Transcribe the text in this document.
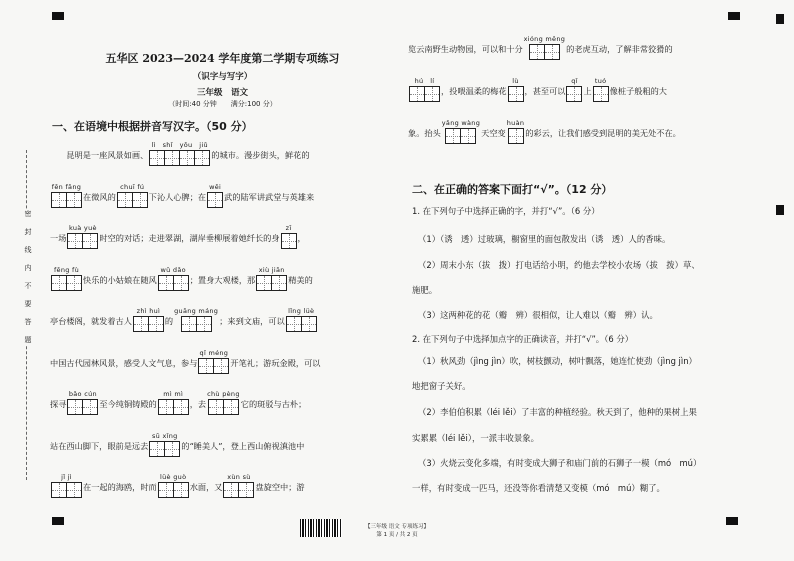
密

封

线

内

不

要

答

题
五华区 2023—2024 学年度第二学期专项练习
（识字与写字）
三年级　语文
（时间:40 分钟　　满分:100 分）
一、在语境中根据拼音写汉字。（50 分）
　　昆明是一座风景如画、
lì　shǐ　yōu　jiǔ
的城市。漫步街头，鲜花的
fēn fāng
在微风的
chuī fú
下沁人心脾；在
wēi
武的陆军讲武堂与英雄来
一场
kuà yuè
时空的对话；走进翠湖，湖岸垂柳展着她纤长的身
zī
，
fēng fù
快乐的小姑娘在随风
wǔ dǎo
；置身大观楼，那
xiù jiān
精美的
亭台楼阁，就发着古人
zhì huì
的
guāng máng
；来到文庙，可以
lǐng lüè
中国古代园林风景，感受人文气息，参与
qǐ méng
开笔礼；游玩金殿，可以
探寻
bǎo cún
至今纯铜铸殿的
mì mì
，去
chù pèng
它的斑驳与古朴；
站在西山脚下，眼前是远去
sū xǐng
的“睡美人”，登上西山俯视滇池中
jǐ jì
在一起的海鸥，时而
lüè guò
水面，又
xùn sù
盘旋空中；游
览云南野生动物园，可以和十分
xióng měng
的老虎互动，了解非常狡猾的
hú　lí
，投喂温柔的梅花
lù
，甚至可以
qǐ
上
tuó
像桩子般粗的大
象。抬头
yǎng wàng
天空变
huàn
的彩云，让我们感受到昆明的美无处不在。
二、在正确的答案下面打“√”。（12 分）
1. 在下列句子中选择正确的字，并打“√”。（6 分）
（1）（诱　透）过玻璃，橱窗里的面包散发出（诱　透）人的香味。
（2）周末小东（拔　拨）打电话给小明，约他去学校小农场（拔　拨）草、
施肥。
（3）这两种花的花（瓣　辨）很相似，让人难以（瓣　辨）认。
2. 在下列句子中选择加点字的正确读音，并打“√”。（6 分）
（1）秋风劲（jìng jìn）吹，树枝颤动，树叶飘落，她连忙使劲（jìng jìn）
地把窗子关好。
（2）李伯伯积累（léi lěi）了丰富的种植经验。秋天到了，他种的果树上果
实累累（léi lěi），一派丰收景象。
（3）火烧云变化多端，有时变成大狮子和庙门前的石狮子一模（mó　mú）
一样，有时变成一匹马，还没等你看清楚又变模（mó　mú）糊了。
【三年级 语文 专项练习】
第 1 页 / 共 2 页
